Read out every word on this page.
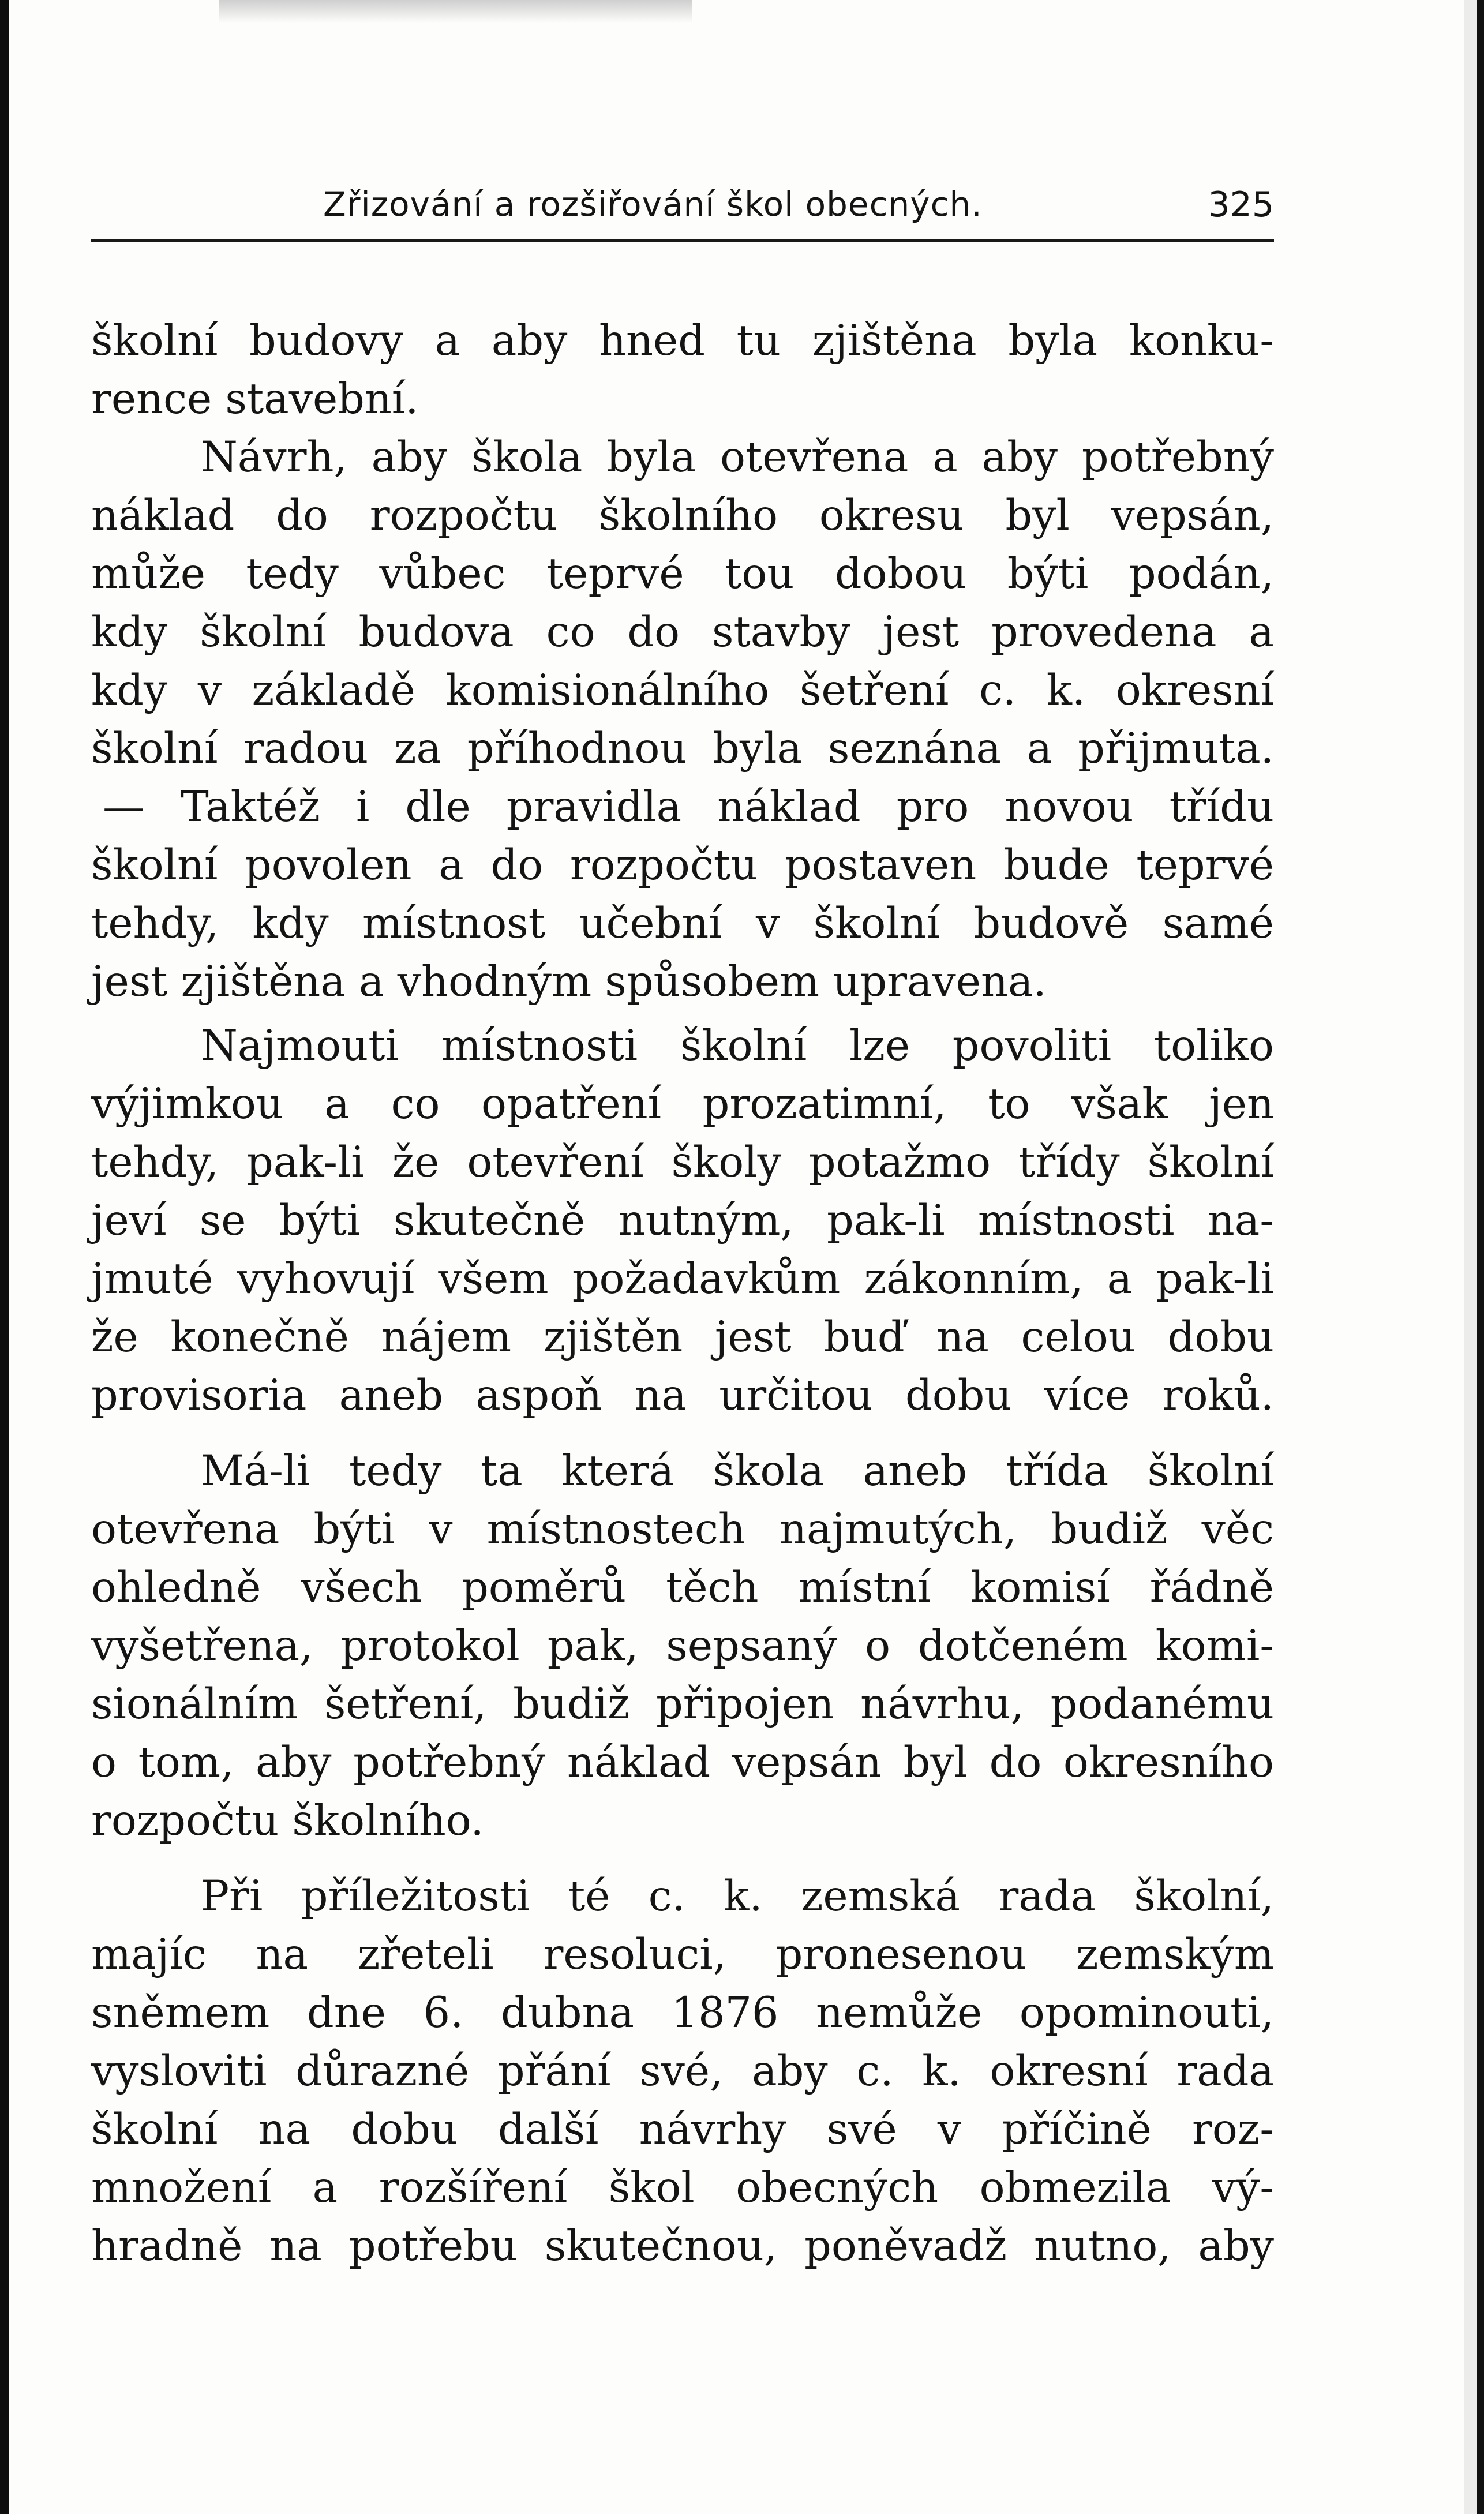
Zřizování a rozšiřování škol obecných.	325
školní budovy a aby hned tu zjištěna byla konku-
rence stavební.
Návrh, aby škola byla otevřena a aby potřebný
náklad do rozpočtu školního okresu byl vepsán,
může tedy vůbec teprvé tou dobou býti podán,
kdy školní budova co do stavby jest provedena a
kdy v základě komisionálního šetření c. k. okresní
školní radou za příhodnou byla seznána a přijmuta.
— Taktéž i dle pravidla náklad pro novou třídu
školní povolen a do rozpočtu postaven bude teprvé
tehdy, kdy místnost učební v školní budově samé
jest zjištěna a vhodným spůsobem upravena.
Najmouti místnosti školní lze povoliti toliko
výjimkou a co opatření prozatimní, to však jen
tehdy, pak-li že otevření školy potažmo třídy školní
jeví se býti skutečně nutným, pak-li místnosti na-
jmuté vyhovují všem požadavkům zákonním, a pak-li
že konečně nájem zjištěn jest buď na celou dobu
provisoria aneb aspoň na určitou dobu více roků.
Má-li tedy ta která škola aneb třída školní
otevřena býti v místnostech najmutých, budiž věc
ohledně všech poměrů těch místní komisí řádně
vyšetřena, protokol pak, sepsaný o dotčeném komi-
sionálním šetření, budiž připojen návrhu, podanému
o tom, aby potřebný náklad vepsán byl do okresního
rozpočtu školního.
Při příležitosti té c. k. zemská rada školní,
majíc na zřeteli resoluci, pronesenou zemským
sněmem dne 6. dubna 1876 nemůže opominouti,
vysloviti důrazné přání své, aby c. k. okresní rada
školní na dobu další návrhy své v příčině roz-
množení a rozšíření škol obecných obmezila vý-
hradně na potřebu skutečnou, poněvadž nutno, aby
